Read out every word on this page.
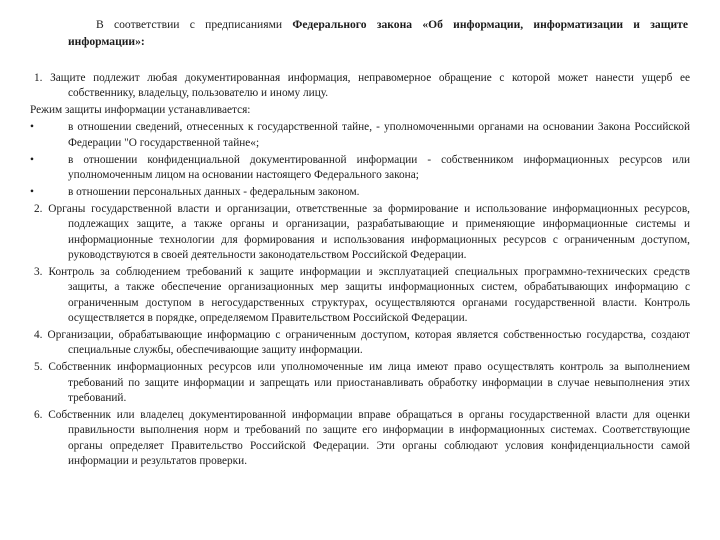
В соответствии с предписаниями Федерального закона «Об информации, информатизации и защите информации»:

1. Защите подлежит любая документированная информация, неправомерное обращение с которой может нанести ущерб ее собственнику, владельцу, пользователю и иному лицу.

Режим защиты информации устанавливается:

•	в отношении сведений, отнесенных к государственной тайне, - уполномоченными органами на основании Закона Российской Федерации "О государственной тайне«;

•	в отношении конфиденциальной документированной информации - собственником информационных ресурсов или уполномоченным лицом на основании настоящего Федерального закона;

•	в отношении персональных данных - федеральным законом.

2. Органы государственной власти и организации, ответственные за формирование и использование информационных ресурсов, подлежащих защите, а также органы и организации, разрабатывающие и применяющие информационные системы и информационные технологии для формирования и использования информационных ресурсов с ограниченным доступом, руководствуются в своей деятельности законодательством Российской Федерации.

3. Контроль за соблюдением требований к защите информации и эксплуатацией специальных программно-технических средств защиты, а также обеспечение организационных мер защиты информационных систем, обрабатывающих информацию с ограниченным доступом в негосударственных структурах, осуществляются органами государственной власти. Контроль осуществляется в порядке, определяемом Правительством Российской Федерации.

4. Организации, обрабатывающие информацию с ограниченным доступом, которая является собственностью государства, создают специальные службы, обеспечивающие защиту информации.

5. Собственник информационных ресурсов или уполномоченные им лица имеют право осуществлять контроль за выполнением требований по защите информации и запрещать или приостанавливать обработку информации в случае невыполнения этих требований.

6. Собственник или владелец документированной информации вправе обращаться в органы государственной власти для оценки правильности выполнения норм и требований по защите его информации в информационных системах. Соответствующие органы определяет Правительство Российской Федерации. Эти органы соблюдают условия конфиденциальности самой информации и результатов проверки.
